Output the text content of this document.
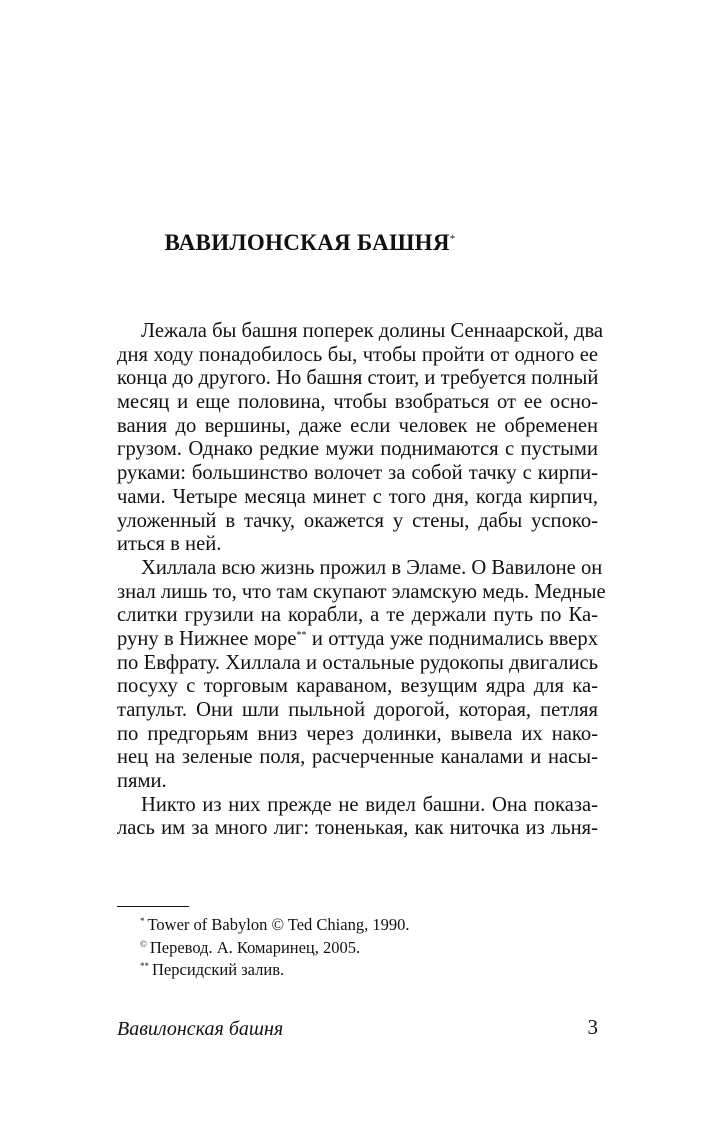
ВАВИЛОНСКАЯ БАШНЯ*
Лежала бы башня поперек долины Сеннаарской, два
дня ходу понадобилось бы, чтобы пройти от одного ее
конца до другого. Но башня стоит, и требуется полный
месяц и еще половина, чтобы взобраться от ее осно-
вания до вершины, даже если человек не обременен
грузом. Однако редкие мужи поднимаются с пустыми
руками: большинство волочет за собой тачку с кирпи-
чами. Четыре месяца минет с того дня, когда кирпич,
уложенный в тачку, окажется у стены, дабы успоко-
иться в ней.
Хиллала всю жизнь прожил в Эламе. О Вавилоне он
знал лишь то, что там скупают эламскую медь. Медные
слитки грузили на корабли, а те держали путь по Ка-
руну в Нижнее море** и оттуда уже поднимались вверх
по Евфрату. Хиллала и остальные рудокопы двигались
посуху с торговым караваном, везущим ядра для ка-
тапульт. Они шли пыльной дорогой, которая, петляя
по предгорьям вниз через долинки, вывела их нако-
нец на зеленые поля, расчерченные каналами и насы-
пями.
Никто из них прежде не видел башни. Она показа-
лась им за много лиг: тоненькая, как ниточка из льня-
* Tower of Babylon © Ted Chiang, 1990.
© Перевод. А. Комаринец, 2005.
** Персидский залив.
Вавилонская башня	3
